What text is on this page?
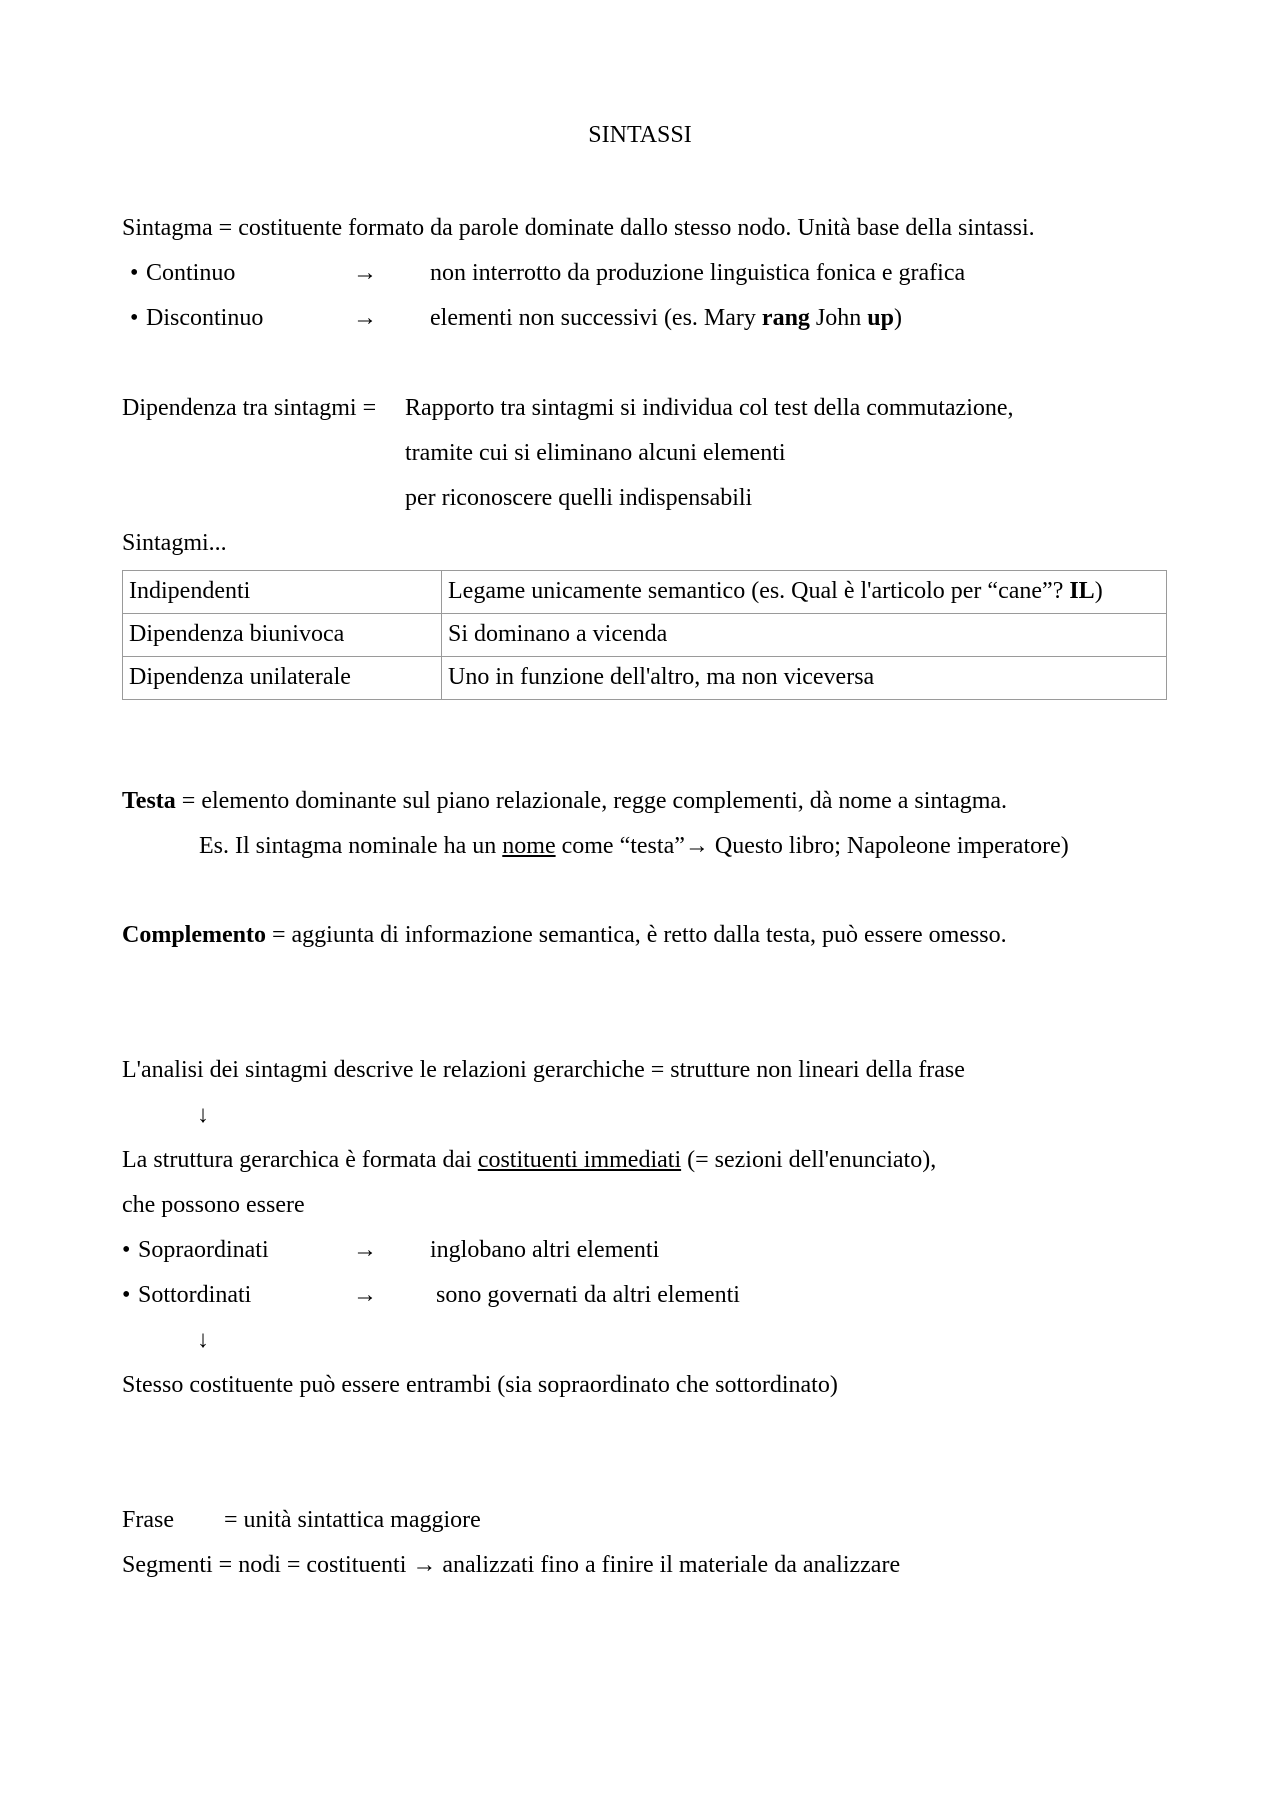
SINTASSI
Sintagma = costituente formato da parole dominate dallo stesso nodo. Unità base della sintassi.
• Continuo	→ non interrotto da produzione linguistica fonica e grafica
• Discontinuo	→ elementi non successivi (es. Mary rang John up)
Dipendenza tra sintagmi = Rapporto tra sintagmi si individua col test della commutazione,
tramite cui si eliminano alcuni elementi
per riconoscere quelli indispensabili
Sintagmi...
Indipendenti	Legame unicamente semantico (es. Qual è l'articolo per “cane”? IL)
Dipendenza biunivoca	Si dominano a vicenda
Dipendenza unilaterale	Uno in funzione dell'altro, ma non viceversa
Testa = elemento dominante sul piano relazionale, regge complementi, dà nome a sintagma.
Es. Il sintagma nominale ha un nome come “testa”→ Questo libro; Napoleone imperatore)
Complemento = aggiunta di informazione semantica, è retto dalla testa, può essere omesso.
L'analisi dei sintagmi descrive le relazioni gerarchiche = strutture non lineari della frase
↓
La struttura gerarchica è formata dai costituenti immediati (= sezioni dell'enunciato),
che possono essere
• Sopraordinati	→ inglobano altri elementi
• Sottordinati	→ sono governati da altri elementi
↓
Stesso costituente può essere entrambi (sia sopraordinato che sottordinato)
Frase = unità sintattica maggiore
Segmenti = nodi = costituenti → analizzati fino a finire il materiale da analizzare
